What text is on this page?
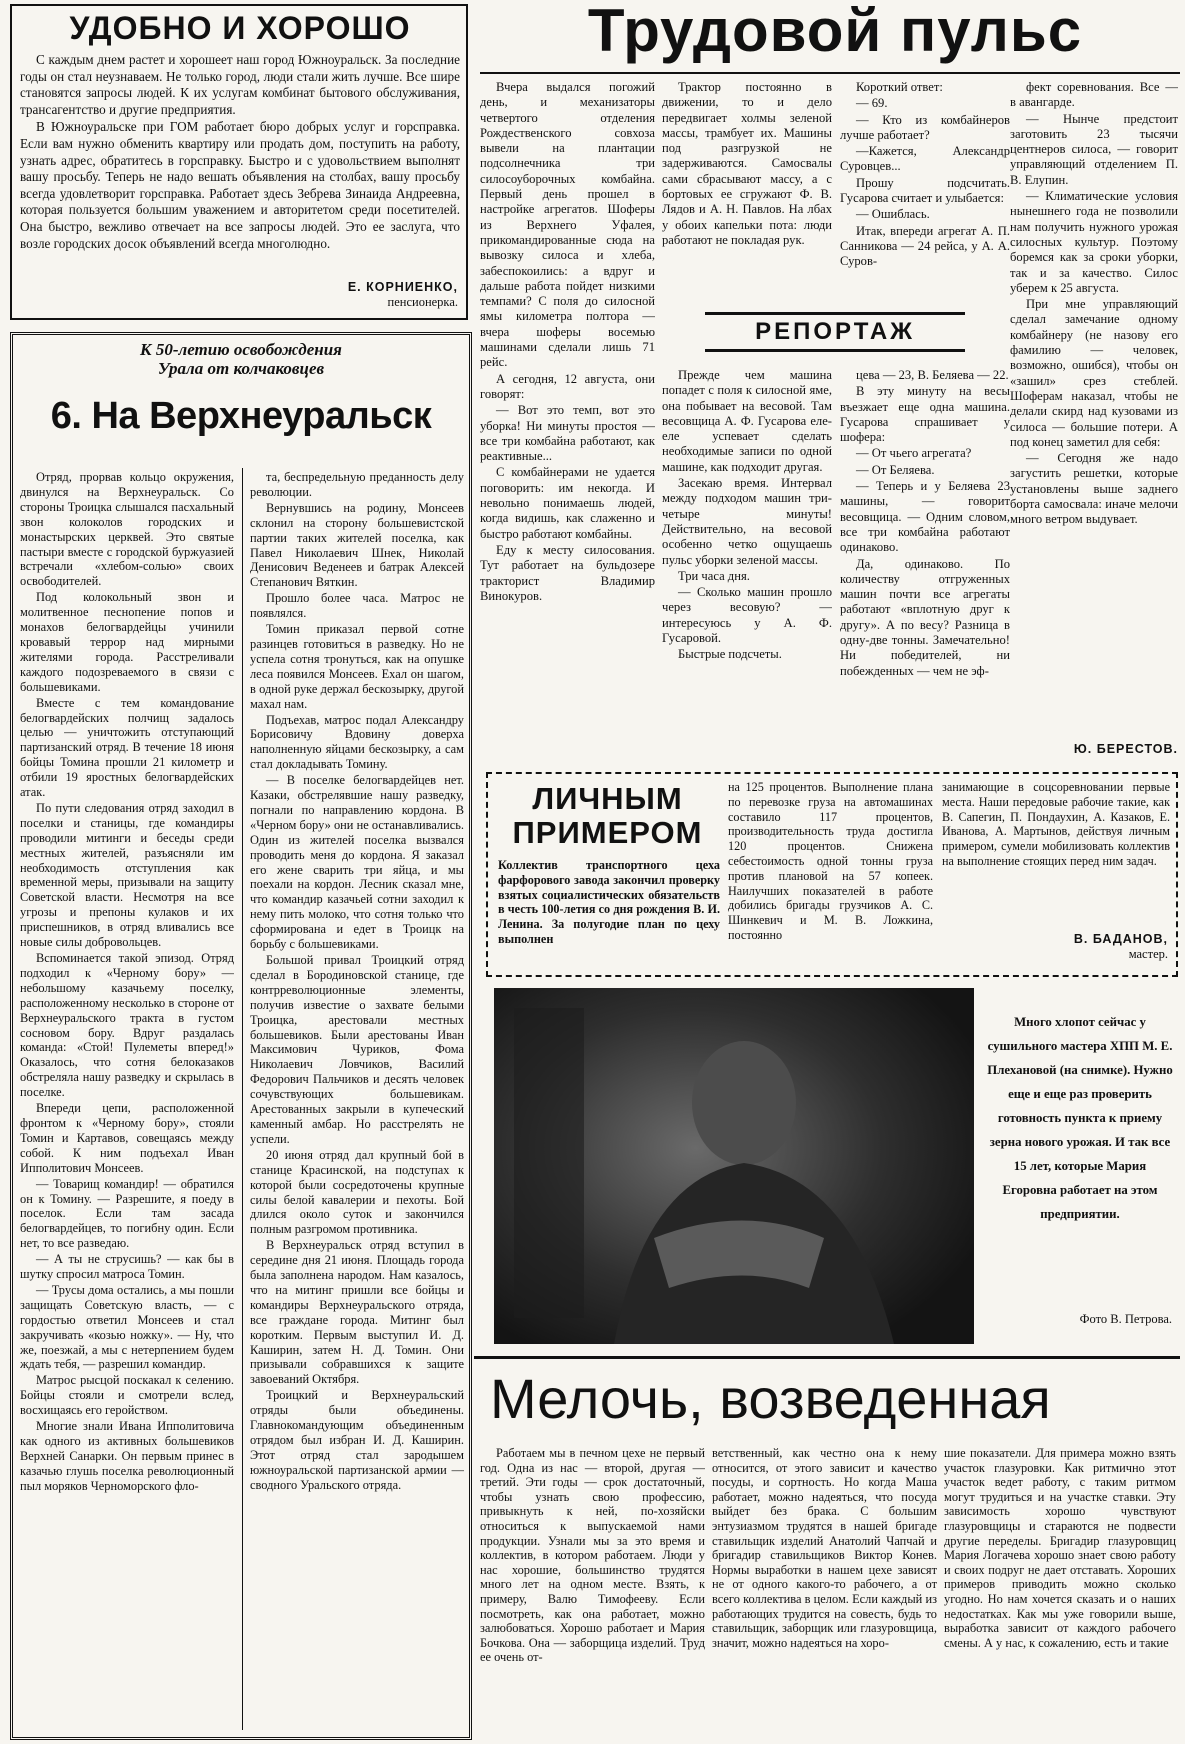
УДОБНО И ХОРОШО

С каждым днем растет и хорошеет наш город Южноуральск. За последние годы он стал неузнаваем. Не только город, люди стали жить лучше. Все шире становятся запросы людей. К их услугам комбинат бытового обслуживания, трансагентство и другие предприятия.

В Южноуральске при ГОМ работает бюро добрых услуг и горсправка. Если вам нужно обменить квартиру или продать дом, поступить на работу, узнать адрес, обратитесь в горсправку. Быстро и с удовольствием выполнят вашу просьбу. Теперь не надо вешать объявления на столбах, вашу просьбу всегда удовлетворит горсправка. Работает здесь Зебрева Зинаида Андреевна, которая пользуется большим уважением и авторитетом среди посетителей. Она быстро, вежливо отвечает на все запросы людей. Это ее заслуга, что возле городских досок объявлений всегда многолюдно.

Е. КОРНИЕНКО,
пенсионерка.
К 50-летию освобождения
Урала от колчаковцев
6. На Верхнеуральск

Отряд, прорвав кольцо окружения, двинулся на Верхнеуральск. Со стороны Троицка слышался пасхальный звон колоколов городских и монастырских церквей. Это святые пастыри вместе с городской буржуазией встречали «хлебом-солью» своих освободителей.

Под колокольный звон и молитвенное песнопение попов и монахов белогвардейцы учинили кровавый террор над мирными жителями города. Расстреливали каждого подозреваемого в связи с большевиками.

Вместе с тем командование белогвардейских полчищ задалось целью — уничтожить отступающий партизанский отряд. В течение 18 июня бойцы Томина прошли 21 километр и отбили 19 яростных белогвардейских атак.

По пути следования отряд заходил в поселки и станицы, где командиры проводили митинги и беседы среди местных жителей, разъясняли им необходимость отступления как временной меры, призывали на защиту Советской власти. Несмотря на все угрозы и препоны кулаков и их приспешников, в отряд вливались все новые силы добровольцев.

Вспоминается такой эпизод. Отряд подходил к «Черному бору» — небольшому казачьему поселку, расположенному несколько в стороне от Верхнеуральского тракта в густом сосновом бору. Вдруг раздалась команда: «Стой! Пулеметы вперед!» Оказалось, что сотня белоказаков обстреляла нашу разведку и скрылась в поселке.

Впереди цепи, расположенной фронтом к «Черному бору», стояли Томин и Картавов, совещаясь между собой. К ним подъехал Иван Ипполитович Монсеев.

— Товарищ командир! — обратился он к Томину. — Разрешите, я поеду в поселок. Если там засада белогвардейцев, то погибну один. Если нет, то все разведаю.

— А ты не струсишь? — как бы в шутку спросил матроса Томин.

— Трусы дома остались, а мы пошли защищать Советскую власть, — с гордостью ответил Монсеев и стал закручивать «козью ножку». — Ну, что же, поезжай, а мы с нетерпением будем ждать тебя, — разрешил командир.

Матрос рысцой поскакал к селению. Бойцы стояли и смотрели вслед, восхищаясь его геройством.

Многие знали Ивана Ипполитовича как одного из активных большевиков Верхней Санарки. Он первым принес в казачью глушь поселка революционный пыл моряков Черноморского фло-

та, беспредельную преданность делу революции.

Вернувшись на родину, Монсеев склонил на сторону большевистской партии таких жителей поселка, как Павел Николаевич Шнек, Николай Денисович Веденеев и батрак Алексей Степанович Вяткин.

Прошло более часа. Матрос не появлялся.

Томин приказал первой сотне разинцев готовиться в разведку. Но не успела сотня тронуться, как на опушке леса появился Монсеев. Ехал он шагом, в одной руке держал бескозырку, другой махал нам.

Подъехав, матрос подал Александру Борисовичу Вдовину доверха наполненную яйцами бескозырку, а сам стал докладывать Томину.

— В поселке белогвардейцев нет. Казаки, обстрелявшие нашу разведку, погнали по направлению кордона. В «Черном бору» они не останавливались. Один из жителей поселка вызвался проводить меня до кордона. Я заказал его жене сварить три яйца, и мы поехали на кордон. Лесник сказал мне, что командир казачьей сотни заходил к нему пить молоко, что сотня только что сформирована и едет в Троицк на борьбу с большевиками.

Большой привал Троицкий отряд сделал в Бородиновской станице, где контрреволюционные элементы, получив известие о захвате белыми Троицка, арестовали местных большевиков. Были арестованы Иван Максимович Чуриков, Фома Николаевич Ловчиков, Василий Федорович Пальчиков и десять человек сочувствующих большевикам. Арестованных закрыли в купеческий каменный амбар. Но расстрелять не успели.

20 июня отряд дал крупный бой в станице Красинской, на подступах к которой были сосредоточены крупные силы белой кавалерии и пехоты. Бой длился около суток и закончился полным разгромом противника.

В Верхнеуральск отряд вступил в середине дня 21 июня. Площадь города была заполнена народом. Нам казалось, что на митинг пришли все бойцы и командиры Верхнеуральского отряда, все граждане города. Митинг был коротким. Первым выступил И. Д. Каширин, затем Н. Д. Томин. Они призывали собравшихся к защите завоеваний Октября.

Троицкий и Верхнеуральский отряды были объединены. Главнокомандующим объединенным отрядом был избран И. Д. Каширин. Этот отряд стал зародышем южноуральской партизанской армии — сводного Уральского отряда.

Трудовой пульс

Вчера выдался погожий день, и механизаторы четвертого отделения Рождественского совхоза вывели на плантации подсолнечника три силосоуборочных комбайна. Первый день прошел в настройке агрегатов. Шоферы из Верхнего Уфалея, прикомандированные сюда на вывозку силоса и хлеба, забеспокоились: а вдруг и дальше работа пойдет низкими темпами? С поля до силосной ямы километра полтора — вчера шоферы восемью машинами сделали лишь 71 рейс.

А сегодня, 12 августа, они говорят:

— Вот это темп, вот это уборка! Ни минуты простоя — все три комбайна работают, как реактивные...

С комбайнерами не удается поговорить: им некогда. И невольно понимаешь людей, когда видишь, как слаженно и быстро работают комбайны.

Еду к месту силосования. Тут работает на бульдозере тракторист Владимир Винокуров.

Трактор постоянно в движении, то и дело передвигает холмы зеленой массы, трамбует их. Машины под разгрузкой не задерживаются. Самосвалы сами сбрасывают массу, а с бортовых ее сгружают Ф. В. Лядов и А. Н. Павлов. На лбах у обоих капельки пота: люди работают не покладая рук.

Короткий ответ:

— 69.

— Кто из комбайнеров лучше работает?

—Кажется, Александр Суровцев...

Прошу подсчитать. Гусарова считает и улыбается:

— Ошиблась.

Итак, впереди агрегат А. П. Санникова — 24 рейса, у А. А. Суров-

фект соревнования. Все — в авангарде.

— Нынче предстоит заготовить 23 тысячи центнеров силоса, — говорит управляющий отделением П. В. Елупин.

— Климатические условия нынешнего года не позволили нам получить нужного урожая силосных культур. Поэтому боремся как за сроки уборки, так и за качество. Силос уберем к 25 августа.

При мне управляющий сделал замечание одному комбайнеру (не назову его фамилию — человек, возможно, ошибся), чтобы он «зашил» срез стеблей. Шоферам наказал, чтобы не делали скирд над кузовами из силоса — большие потери. А под конец заметил для себя:

— Сегодня же надо загустить решетки, которые установлены выше заднего борта самосвала: иначе мелочи много ветром выдувает.

Ю. БЕРЕСТОВ.
РЕПОРТАЖ

Прежде чем машина попадет с поля к силосной яме, она побывает на весовой. Там весовщица А. Ф. Гусарова еле-еле успевает сделать необходимые записи по одной машине, как подходит другая.

Засекаю время. Интервал между подходом машин три-четыре минуты! Действительно, на весовой особенно четко ощущаешь пульс уборки зеленой массы.

Три часа дня.

— Сколько машин прошло через весовую? — интересуюсь у А. Ф. Гусаровой.

Быстрые подсчеты.

цева — 23, В. Беляева — 22.

В эту минуту на весы въезжает еще одна машина. Гусарова спрашивает у шофера:

— От чьего агрегата?

— От Беляева.

— Теперь и у Беляева 23 машины, — говорит весовщица. — Одним словом, все три комбайна работают одинаково.

Да, одинаково. По количеству отгруженных машин почти все агрегаты работают «вплотную друг к другу». А по весу? Разница в одну-две тонны. Замечательно! Ни победителей, ни побежденных — чем не эф-

ЛИЧНЫМ
ПРИМЕРОМ
Коллектив транспортного цеха фарфорового завода закончил проверку взятых социалистических обязательств в честь 100-летия со дня рождения В. И. Ленина. За полугодие план по цеху выполнен
на 125 процентов. Выполнение плана по перевозке груза на автомашинах составило 117 процентов, производительность труда достигла 120 процентов. Снижена себестоимость одной тонны груза против плановой на 57 копеек. Наилучших показателей в работе добились бригады грузчиков А. С. Шинкевич и М. В. Ложкина, постоянно
занимающие в соцсоревновании первые места. Наши передовые рабочие такие, как В. Сапегин, П. Пондаухин, А. Казаков, Е. Иванова, А. Мартынов, действуя личным примером, сумели мобилизовать коллектив на выполнение стоящих перед ним задач.
В. БАДАНОВ,
мастер.
Много хлопот сейчас у сушильного мастера ХПП М. Е. Плехановой (на снимке). Нужно еще и еще раз проверить готовность пункта к приему зерна нового урожая. И так все 15 лет, которые Мария Егоровна работает на этом предприятии.
Фото В. Петрова.
Мелочь, возведенная
Работаем мы в печном цехе не первый год. Одна из нас — второй, другая — третий. Эти годы — срок достаточный, чтобы узнать свою профессию, привыкнуть к ней, по-хозяйски относиться к выпускаемой нами продукции. Узнали мы за это время и коллектив, в котором работаем. Люди у нас хорошие, большинство трудятся много лет на одном месте. Взять, к примеру, Валю Тимофееву. Если посмотреть, как она работает, можно залюбоваться. Хорошо работает и Мария Бочкова. Она — заборщица изделий. Труд ее очень от-
ветственный, как честно она к нему относится, от этого зависит и качество посуды, и сортность. Но когда Маша работает, можно надеяться, что посуда выйдет без брака. С большим энтузиазмом трудятся в нашей бригаде ставильщик изделий Анатолий Чапчай и бригадир ставильщиков Виктор Конев. Нормы выработки в нашем цехе зависят не от одного какого-то рабочего, а от всего коллектива в целом. Если каждый из работающих трудится на совесть, будь то ставильщик, заборщик или глазуровщица, значит, можно надеяться на хоро-
шие показатели. Для примера можно взять участок глазуровки. Как ритмично этот участок ведет работу, с таким ритмом могут трудиться и на участке ставки. Эту зависимость хорошо чувствуют глазуровщицы и стараются не подвести другие переделы. Бригадир глазуровщиц Мария Логачева хорошо знает свою работу и своих подруг не дает отставать. Хороших примеров приводить можно сколько угодно. Но нам хочется сказать и о наших недостатках. Как мы уже говорили выше, выработка зависит от каждого рабочего смены. А у нас, к сожалению, есть и такие
